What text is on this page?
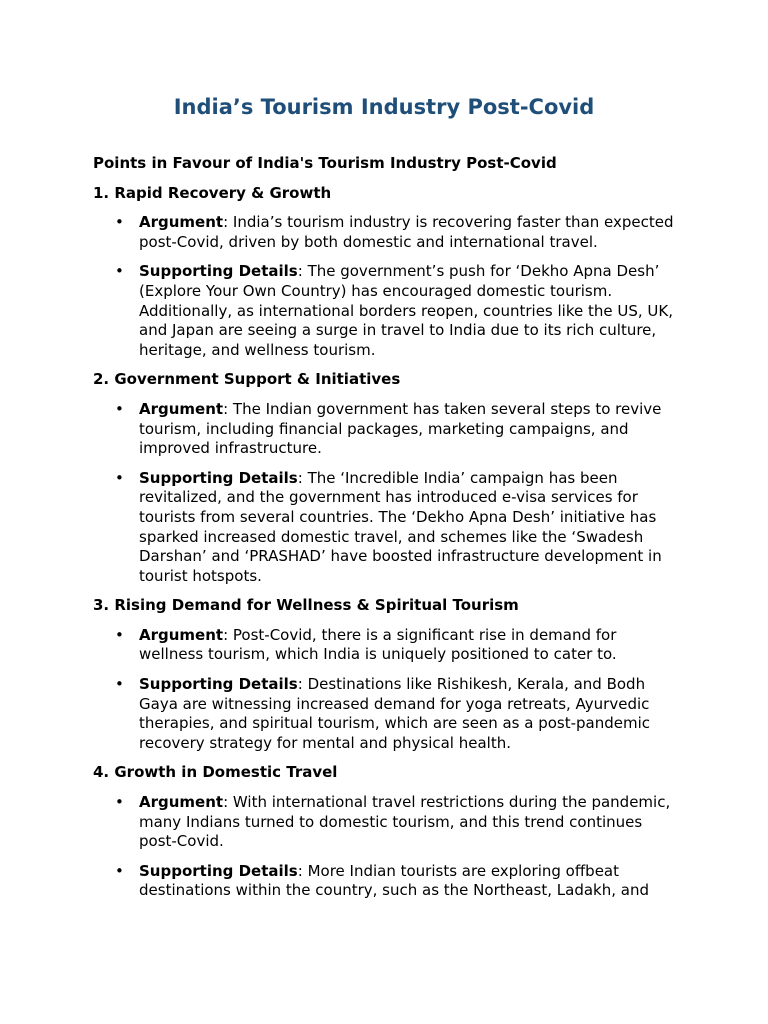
India’s Tourism Industry Post-Covid
Points in Favour of India's Tourism Industry Post-Covid
1. Rapid Recovery & Growth
• Argument: India’s tourism industry is recovering faster than expected post-Covid, driven by both domestic and international travel.
• Supporting Details: The government’s push for ‘Dekho Apna Desh’ (Explore Your Own Country) has encouraged domestic tourism. Additionally, as international borders reopen, countries like the US, UK, and Japan are seeing a surge in travel to India due to its rich culture, heritage, and wellness tourism.
2. Government Support & Initiatives
• Argument: The Indian government has taken several steps to revive tourism, including financial packages, marketing campaigns, and improved infrastructure.
• Supporting Details: The ‘Incredible India’ campaign has been revitalized, and the government has introduced e-visa services for tourists from several countries. The ‘Dekho Apna Desh’ initiative has sparked increased domestic travel, and schemes like the ‘Swadesh Darshan’ and ‘PRASHAD’ have boosted infrastructure development in tourist hotspots.
3. Rising Demand for Wellness & Spiritual Tourism
• Argument: Post-Covid, there is a significant rise in demand for wellness tourism, which India is uniquely positioned to cater to.
• Supporting Details: Destinations like Rishikesh, Kerala, and Bodh Gaya are witnessing increased demand for yoga retreats, Ayurvedic therapies, and spiritual tourism, which are seen as a post-pandemic recovery strategy for mental and physical health.
4. Growth in Domestic Travel
• Argument: With international travel restrictions during the pandemic, many Indians turned to domestic tourism, and this trend continues post-Covid.
• Supporting Details: More Indian tourists are exploring offbeat destinations within the country, such as the Northeast, Ladakh, and
